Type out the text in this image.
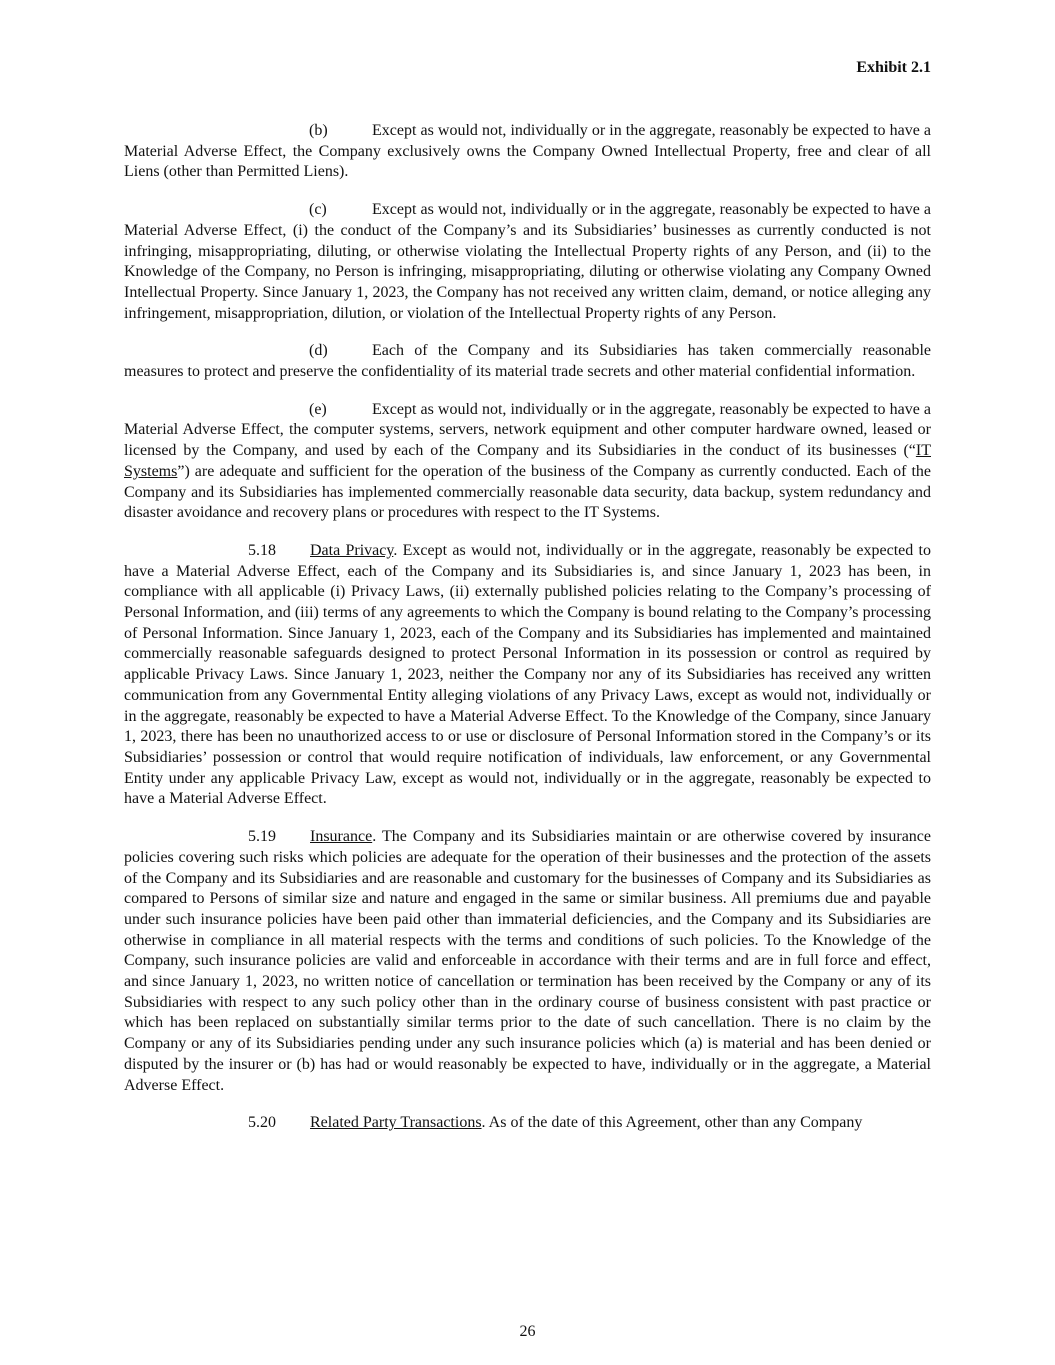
Exhibit 2.1

(b)	Except as would not, individually or in the aggregate, reasonably be expected to have a Material Adverse Effect, the Company exclusively owns the Company Owned Intellectual Property, free and clear of all Liens (other than Permitted Liens).

(c)	Except as would not, individually or in the aggregate, reasonably be expected to have a Material Adverse Effect, (i) the conduct of the Company’s and its Subsidiaries’ businesses as currently conducted is not infringing, misappropriating, diluting, or otherwise violating the Intellectual Property rights of any Person, and (ii) to the Knowledge of the Company, no Person is infringing, misappropriating, diluting or otherwise violating any Company Owned Intellectual Property. Since January 1, 2023, the Company has not received any written claim, demand, or notice alleging any infringement, misappropriation, dilution, or violation of the Intellectual Property rights of any Person.

(d)	Each of the Company and its Subsidiaries has taken commercially reasonable measures to protect and preserve the confidentiality of its material trade secrets and other material confidential information.

(e)	Except as would not, individually or in the aggregate, reasonably be expected to have a Material Adverse Effect, the computer systems, servers, network equipment and other computer hardware owned, leased or licensed by the Company, and used by each of the Company and its Subsidiaries in the conduct of its businesses (“IT Systems”) are adequate and sufficient for the operation of the business of the Company as currently conducted. Each of the Company and its Subsidiaries has implemented commercially reasonable data security, data backup, system redundancy and disaster avoidance and recovery plans or procedures with respect to the IT Systems.

5.18 Data Privacy. Except as would not, individually or in the aggregate, reasonably be expected to have a Material Adverse Effect, each of the Company and its Subsidiaries is, and since January 1, 2023 has been, in compliance with all applicable (i) Privacy Laws, (ii) externally published policies relating to the Company’s processing of Personal Information, and (iii) terms of any agreements to which the Company is bound relating to the Company’s processing of Personal Information. Since January 1, 2023, each of the Company and its Subsidiaries has implemented and maintained commercially reasonable safeguards designed to protect Personal Information in its possession or control as required by applicable Privacy Laws. Since January 1, 2023, neither the Company nor any of its Subsidiaries has received any written communication from any Governmental Entity alleging violations of any Privacy Laws, except as would not, individually or in the aggregate, reasonably be expected to have a Material Adverse Effect. To the Knowledge of the Company, since January 1, 2023, there has been no unauthorized access to or use or disclosure of Personal Information stored in the Company’s or its Subsidiaries’ possession or control that would require notification of individuals, law enforcement, or any Governmental Entity under any applicable Privacy Law, except as would not, individually or in the aggregate, reasonably be expected to have a Material Adverse Effect.

5.19 Insurance. The Company and its Subsidiaries maintain or are otherwise covered by insurance policies covering such risks which policies are adequate for the operation of their businesses and the protection of the assets of the Company and its Subsidiaries and are reasonable and customary for the businesses of Company and its Subsidiaries as compared to Persons of similar size and nature and engaged in the same or similar business. All premiums due and payable under such insurance policies have been paid other than immaterial deficiencies, and the Company and its Subsidiaries are otherwise in compliance in all material respects with the terms and conditions of such policies. To the Knowledge of the Company, such insurance policies are valid and enforceable in accordance with their terms and are in full force and effect, and since January 1, 2023, no written notice of cancellation or termination has been received by the Company or any of its Subsidiaries with respect to any such policy other than in the ordinary course of business consistent with past practice or which has been replaced on substantially similar terms prior to the date of such cancellation. There is no claim by the Company or any of its Subsidiaries pending under any such insurance policies which (a) is material and has been denied or disputed by the insurer or (b) has had or would reasonably be expected to have, individually or in the aggregate, a Material Adverse Effect.

5.20 Related Party Transactions. As of the date of this Agreement, other than any Company

26
